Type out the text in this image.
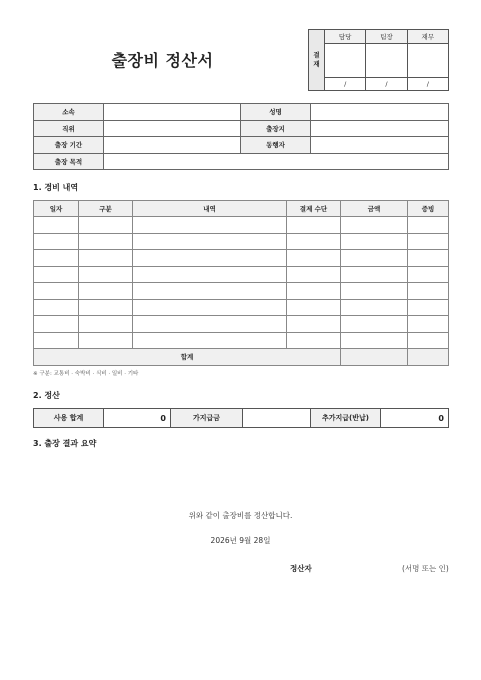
출장비 정산서	결
재	담당	팀장	재무

	/	/	/
소속		성명	
직위		출장지	
출장 기간		동행자	
출장 목적			
1. 경비 내역
일자	구분	내역	결제 수단	금액	증빙

합계					
※ 구분: 교통비 · 숙박비 · 식비 · 일비 · 기타
2. 정산
사용 합계	0	가지급금		추가지급(반납)	0
3. 출장 결과 요약
위와 같이 출장비를 정산합니다.
2026년 9월 28일
정산자	(서명 또는 인)
